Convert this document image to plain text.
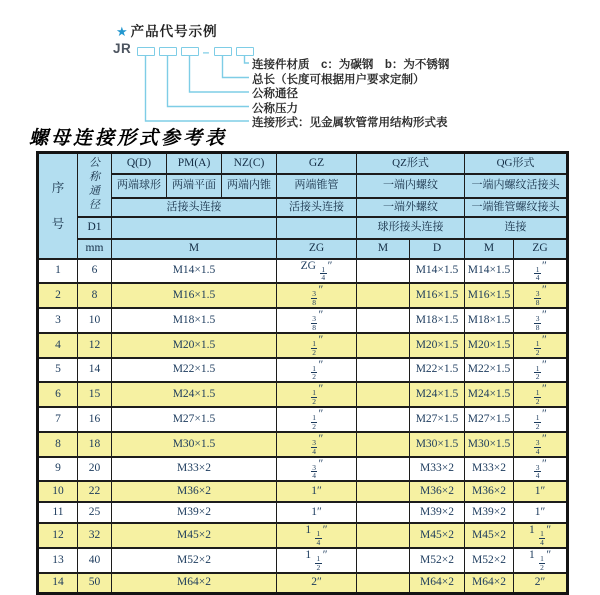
★ 产品代号示例
JR	–
连接件材质　c：为碳钢　b：为不锈钢
总长（长度可根据用户要求定制）
公称通径
公称压力
连接形式：见金属软管常用结构形式表
螺母连接形式参考表
序号	公称通径	Q(D)	PM(A)	NZ(C)	GZ	QZ形式		QG形式	
		两端球形	两端平面	两端内锥	两端锥管	一端内螺纹		一端内螺纹活接头	
		活接头连接			活接头连接	一端外螺纹		一端锥管螺纹接头	
	D1					球形接头连接		连接	
	mm	M			ZG	M	D	M	ZG
1	6	M14×1.5			ZG $\frac{1}{4}$ ″		M14×1.5	M14×1.5	$\frac{1}{4}$ ″
2	8	M16×1.5			$\frac{3}{8}$ ″		M16×1.5	M16×1.5	$\frac{3}{8}$ ″
3	10	M18×1.5			$\frac{3}{8}$ ″		M18×1.5	M18×1.5	$\frac{3}{8}$ ″
4	12	M20×1.5			$\frac{1}{2}$ ″		M20×1.5	M20×1.5	$\frac{1}{2}$ ″
5	14	M22×1.5			$\frac{1}{2}$ ″		M22×1.5	M22×1.5	$\frac{1}{2}$ ″
6	15	M24×1.5			$\frac{1}{2}$ ″		M24×1.5	M24×1.5	$\frac{1}{2}$ ″
7	16	M27×1.5			$\frac{1}{2}$ ″		M27×1.5	M27×1.5	$\frac{1}{2}$ ″
8	18	M30×1.5			$\frac{3}{4}$ ″		M30×1.5	M30×1.5	$\frac{3}{4}$ ″
9	20	M33×2			$\frac{3}{4}$ ″		M33×2	M33×2	$\frac{3}{4}$ ″
10	22	M36×2			1″		M36×2	M36×2	1″
11	25	M39×2			1″		M39×2	M39×2	1″
12	32	M45×2			$1 \frac{1}{4}$ ″		M45×2	M45×2	$1 \frac{1}{4}$ ″
13	40	M52×2			$1 \frac{1}{2}$ ″		M52×2	M52×2	$1 \frac{1}{2}$ ″
14	50	M64×2			2″		M64×2	M64×2	2″
